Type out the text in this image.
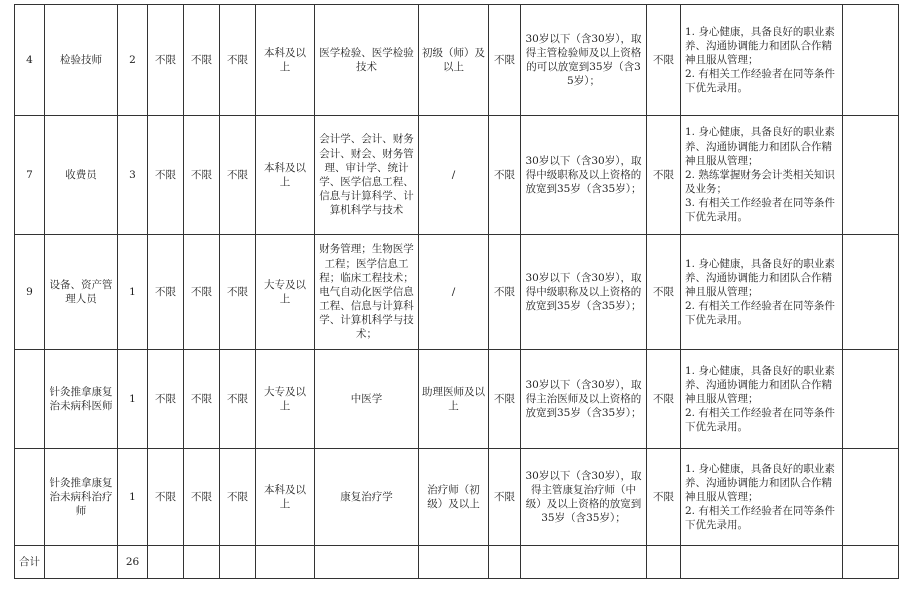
4	检验技师	2	不限	不限	不限	本科及以上	医学检验、医学检验技术	初级（师）及以上	不限	30岁以下（含30岁），取得主管检验师及以上资格的可以放宽到35岁（含35岁）；	不限	1. 身心健康，具备良好的职业素养、沟通协调能力和团队合作精神且服从管理；
2. 有相关工作经验者在同等条件下优先录用。	

7	收费员	3	不限	不限	不限	本科及以上	会计学、会计、财务会计、财会、财务管理、审计学、统计学、医学信息工程、信息与计算科学、计算机科学与技术	/	不限	30岁以下（含30岁），取得中级职称及以上资格的放宽到35岁（含35岁）；	不限	1. 身心健康，具备良好的职业素养、沟通协调能力和团队合作精神且服从管理；
2. 熟练掌握财务会计类相关知识及业务；
3. 有相关工作经验者在同等条件下优先录用。	

9	设备、资产管理人员	1	不限	不限	不限	大专及以上	财务管理；生物医学工程；医学信息工程；临床工程技术；电气自动化医学信息工程、信息与计算科学、计算机科学与技术；	/	不限	30岁以下（含30岁），取得中级职称及以上资格的放宽到35岁（含35岁）；	不限	1. 身心健康，具备良好的职业素养、沟通协调能力和团队合作精神且服从管理；
2. 有相关工作经验者在同等条件下优先录用。	

	针灸推拿康复治未病科医师	1	不限	不限	不限	大专及以上	中医学	助理医师及以上	不限	30岁以下（含30岁），取得主治医师及以上资格的放宽到35岁（含35岁）；	不限	1. 身心健康，具备良好的职业素养、沟通协调能力和团队合作精神且服从管理；
2. 有相关工作经验者在同等条件下优先录用。	

	针灸推拿康复治未病科治疗师	1	不限	不限	不限	本科及以上	康复治疗学	治疗师（初级）及以上	不限	30岁以下（含30岁），取得主管康复治疗师（中级）及以上资格的放宽到35岁（含35岁）；	不限	1. 身心健康，具备良好的职业素养、沟通协调能力和团队合作精神且服从管理；
2. 有相关工作经验者在同等条件下优先录用。	

合计		26											
